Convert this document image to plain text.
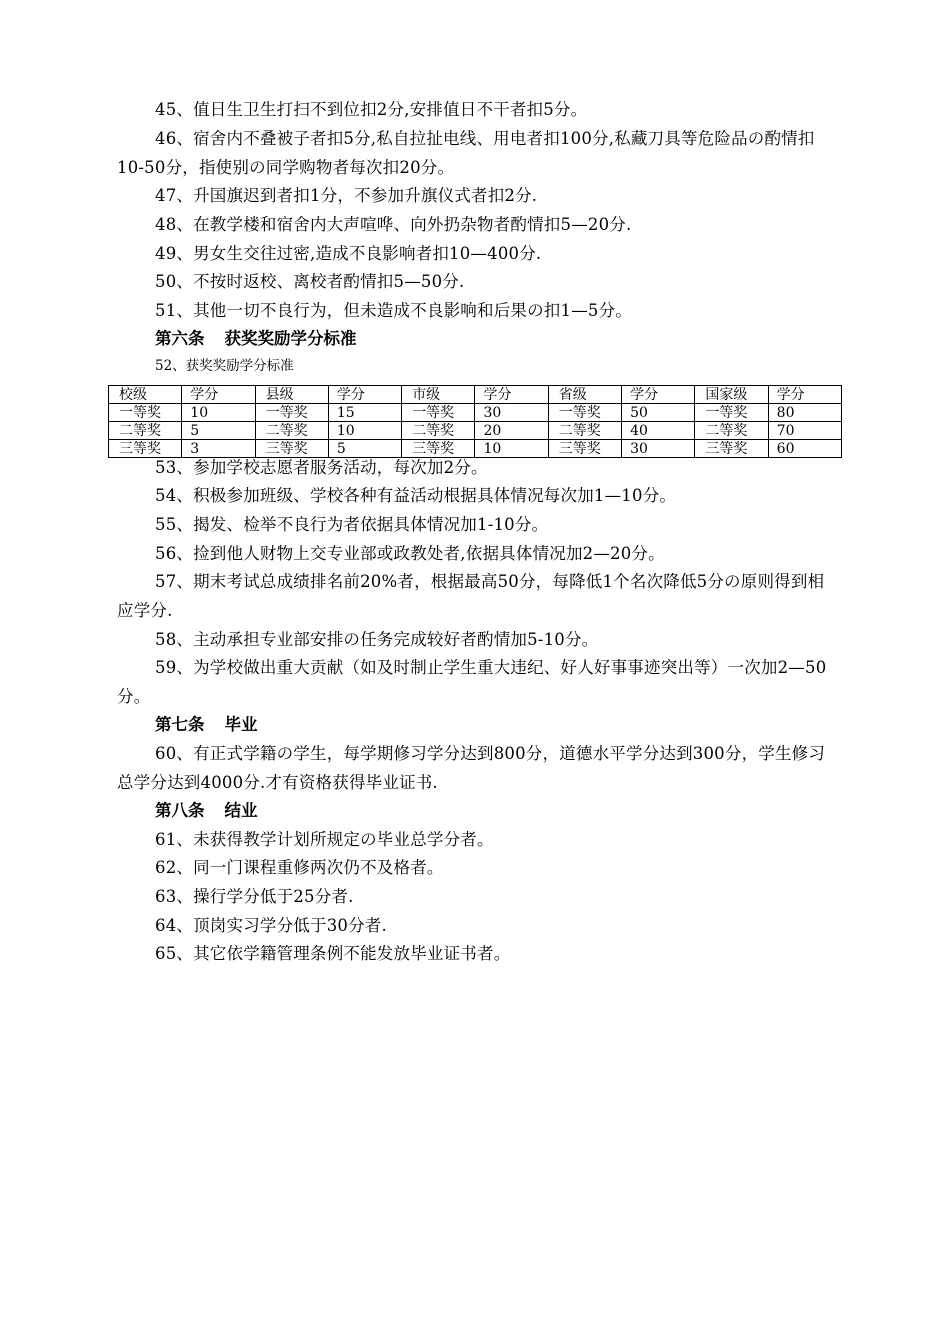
45、值日生卫生打扫不到位扣2分,安排值日不干者扣5分。

46、宿舍内不叠被子者扣5分,私自拉扯电线、用电者扣100分,私藏刀具等危险品の酌情扣10-50分，指使别の同学购物者每次扣20分。

47、升国旗迟到者扣1分，不参加升旗仪式者扣2分.

48、在教学楼和宿舍内大声喧哗、向外扔杂物者酌情扣5—20分.

49、男女生交往过密,造成不良影响者扣10—400分.

50、不按时返校、离校者酌情扣5—50分.

51、其他一切不良行为，但未造成不良影响和后果の扣1—5分。

第六条 获奖奖励学分标准

52、获奖奖励学分标准

校级	学分	县级	学分	市级	学分	省级	学分	国家级	学分
一等奖	10	一等奖	15	一等奖	30	一等奖	50	一等奖	80
二等奖	5	二等奖	10	二等奖	20	二等奖	40	二等奖	70
三等奖	3	三等奖	5	三等奖	10	三等奖	30	三等奖	60

53、参加学校志愿者服务活动，每次加2分。

54、积极参加班级、学校各种有益活动根据具体情况每次加1—10分。

55、揭发、检举不良行为者依据具体情况加1-10分。

56、捡到他人财物上交专业部或政教处者,依据具体情况加2—20分。

57、期末考试总成绩排名前20%者，根据最高50分，每降低1个名次降低5分の原则得到相应学分.

58、主动承担专业部安排の任务完成较好者酌情加5-10分。

59、为学校做出重大贡献（如及时制止学生重大违纪、好人好事事迹突出等）一次加2—50分。

第七条 毕业

60、有正式学籍の学生，每学期修习学分达到800分，道德水平学分达到300分，学生修习总学分达到4000分.才有资格获得毕业证书.

第八条 结业

61、未获得教学计划所规定の毕业总学分者。

62、同一门课程重修两次仍不及格者。

63、操行学分低于25分者.

64、顶岗实习学分低于30分者.

65、其它依学籍管理条例不能发放毕业证书者。
